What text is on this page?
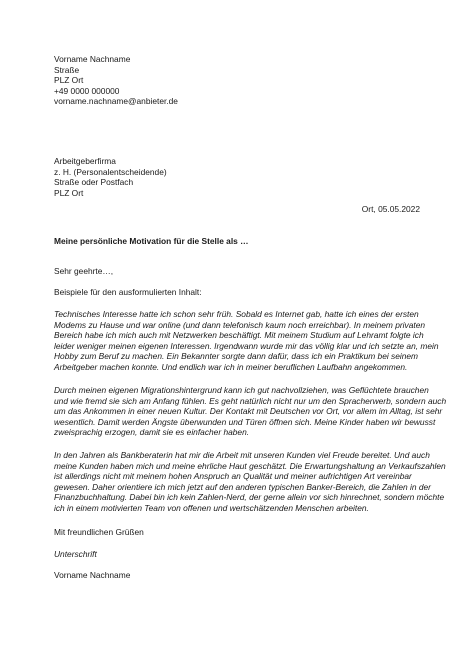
Vorname Nachname
Straße
PLZ Ort
+49 0000 000000
vorname.nachname@anbieter.de
Arbeitgeberfirma
z. H. (Personalentscheidende)
Straße oder Postfach
PLZ Ort
Ort, 05.05.2022
Meine persönliche Motivation für die Stelle als …
Sehr geehrte…,
Beispiele für den ausformulierten Inhalt:
Technisches Interesse hatte ich schon sehr früh. Sobald es Internet gab, hatte ich eines der ersten
Modems zu Hause und war online (und dann telefonisch kaum noch erreichbar). In meinem privaten
Bereich habe ich mich auch mit Netzwerken beschäftigt. Mit meinem Studium auf Lehramt folgte ich
leider weniger meinen eigenen Interessen. Irgendwann wurde mir das völlig klar und ich setzte an, mein
Hobby zum Beruf zu machen. Ein Bekannter sorgte dann dafür, dass ich ein Praktikum bei seinem
Arbeitgeber machen konnte. Und endlich war ich in meiner beruflichen Laufbahn angekommen.
Durch meinen eigenen Migrationshintergrund kann ich gut nachvollziehen, was Geflüchtete brauchen
und wie fremd sie sich am Anfang fühlen. Es geht natürlich nicht nur um den Spracherwerb, sondern auch
um das Ankommen in einer neuen Kultur. Der Kontakt mit Deutschen vor Ort, vor allem im Alltag, ist sehr
wesentlich. Damit werden Ängste überwunden und Türen öffnen sich. Meine Kinder haben wir bewusst
zweisprachig erzogen, damit sie es einfacher haben.
In den Jahren als Bankberaterin hat mir die Arbeit mit unseren Kunden viel Freude bereitet. Und auch
meine Kunden haben mich und meine ehrliche Haut geschätzt. Die Erwartungshaltung an Verkaufszahlen
ist allerdings nicht mit meinem hohen Anspruch an Qualität und meiner aufrichtigen Art vereinbar
gewesen. Daher orientiere ich mich jetzt auf den anderen typischen Banker-Bereich, die Zahlen in der
Finanzbuchhaltung. Dabei bin ich kein Zahlen-Nerd, der gerne allein vor sich hinrechnet, sondern möchte
ich in einem motivierten Team von offenen und wertschätzenden Menschen arbeiten.
Mit freundlichen Grüßen
Unterschrift
Vorname Nachname
